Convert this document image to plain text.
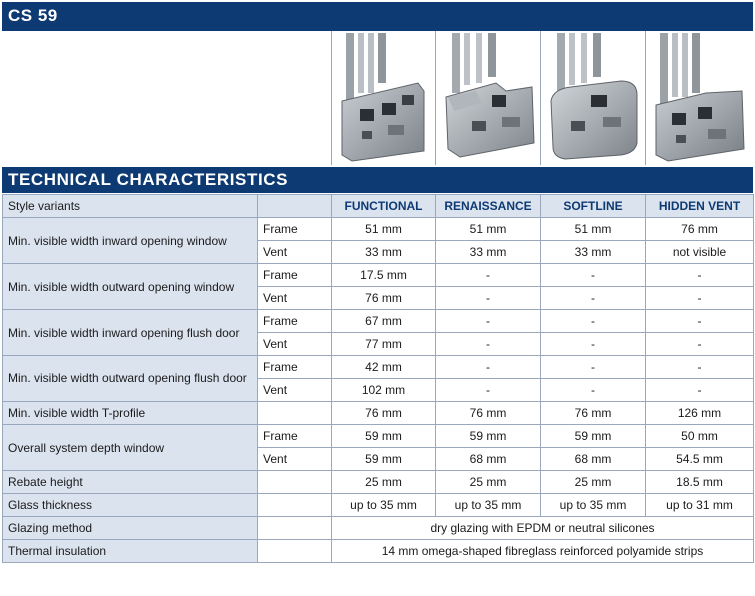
CS 59
TECHNICAL CHARACTERISTICS
Style variants		FUNCTIONAL	RENAISSANCE	SOFTLINE	HIDDEN VENT
Min. visible width inward opening window	Frame	51 mm	51 mm	51 mm	76 mm
	Vent	33 mm	33 mm	33 mm	not visible
Min. visible width outward opening window	Frame	17.5 mm	-	-	-
	Vent	76 mm	-	-	-
Min. visible width inward opening flush door	Frame	67 mm	-	-	-
	Vent	77 mm	-	-	-
Min. visible width outward opening flush door	Frame	42 mm	-	-	-
	Vent	102 mm	-	-	-
Min. visible width T-profile		76 mm	76 mm	76 mm	126 mm
Overall system depth window	Frame	59 mm	59 mm	59 mm	50 mm
	Vent	59 mm	68 mm	68 mm	54.5 mm
Rebate height		25 mm	25 mm	25 mm	18.5 mm
Glass thickness		up to 35 mm	up to 35 mm	up to 35 mm	up to 31 mm
Glazing method		dry glazing with EPDM or neutral silicones			
Thermal insulation		14 mm omega-shaped fibreglass reinforced polyamide strips			
